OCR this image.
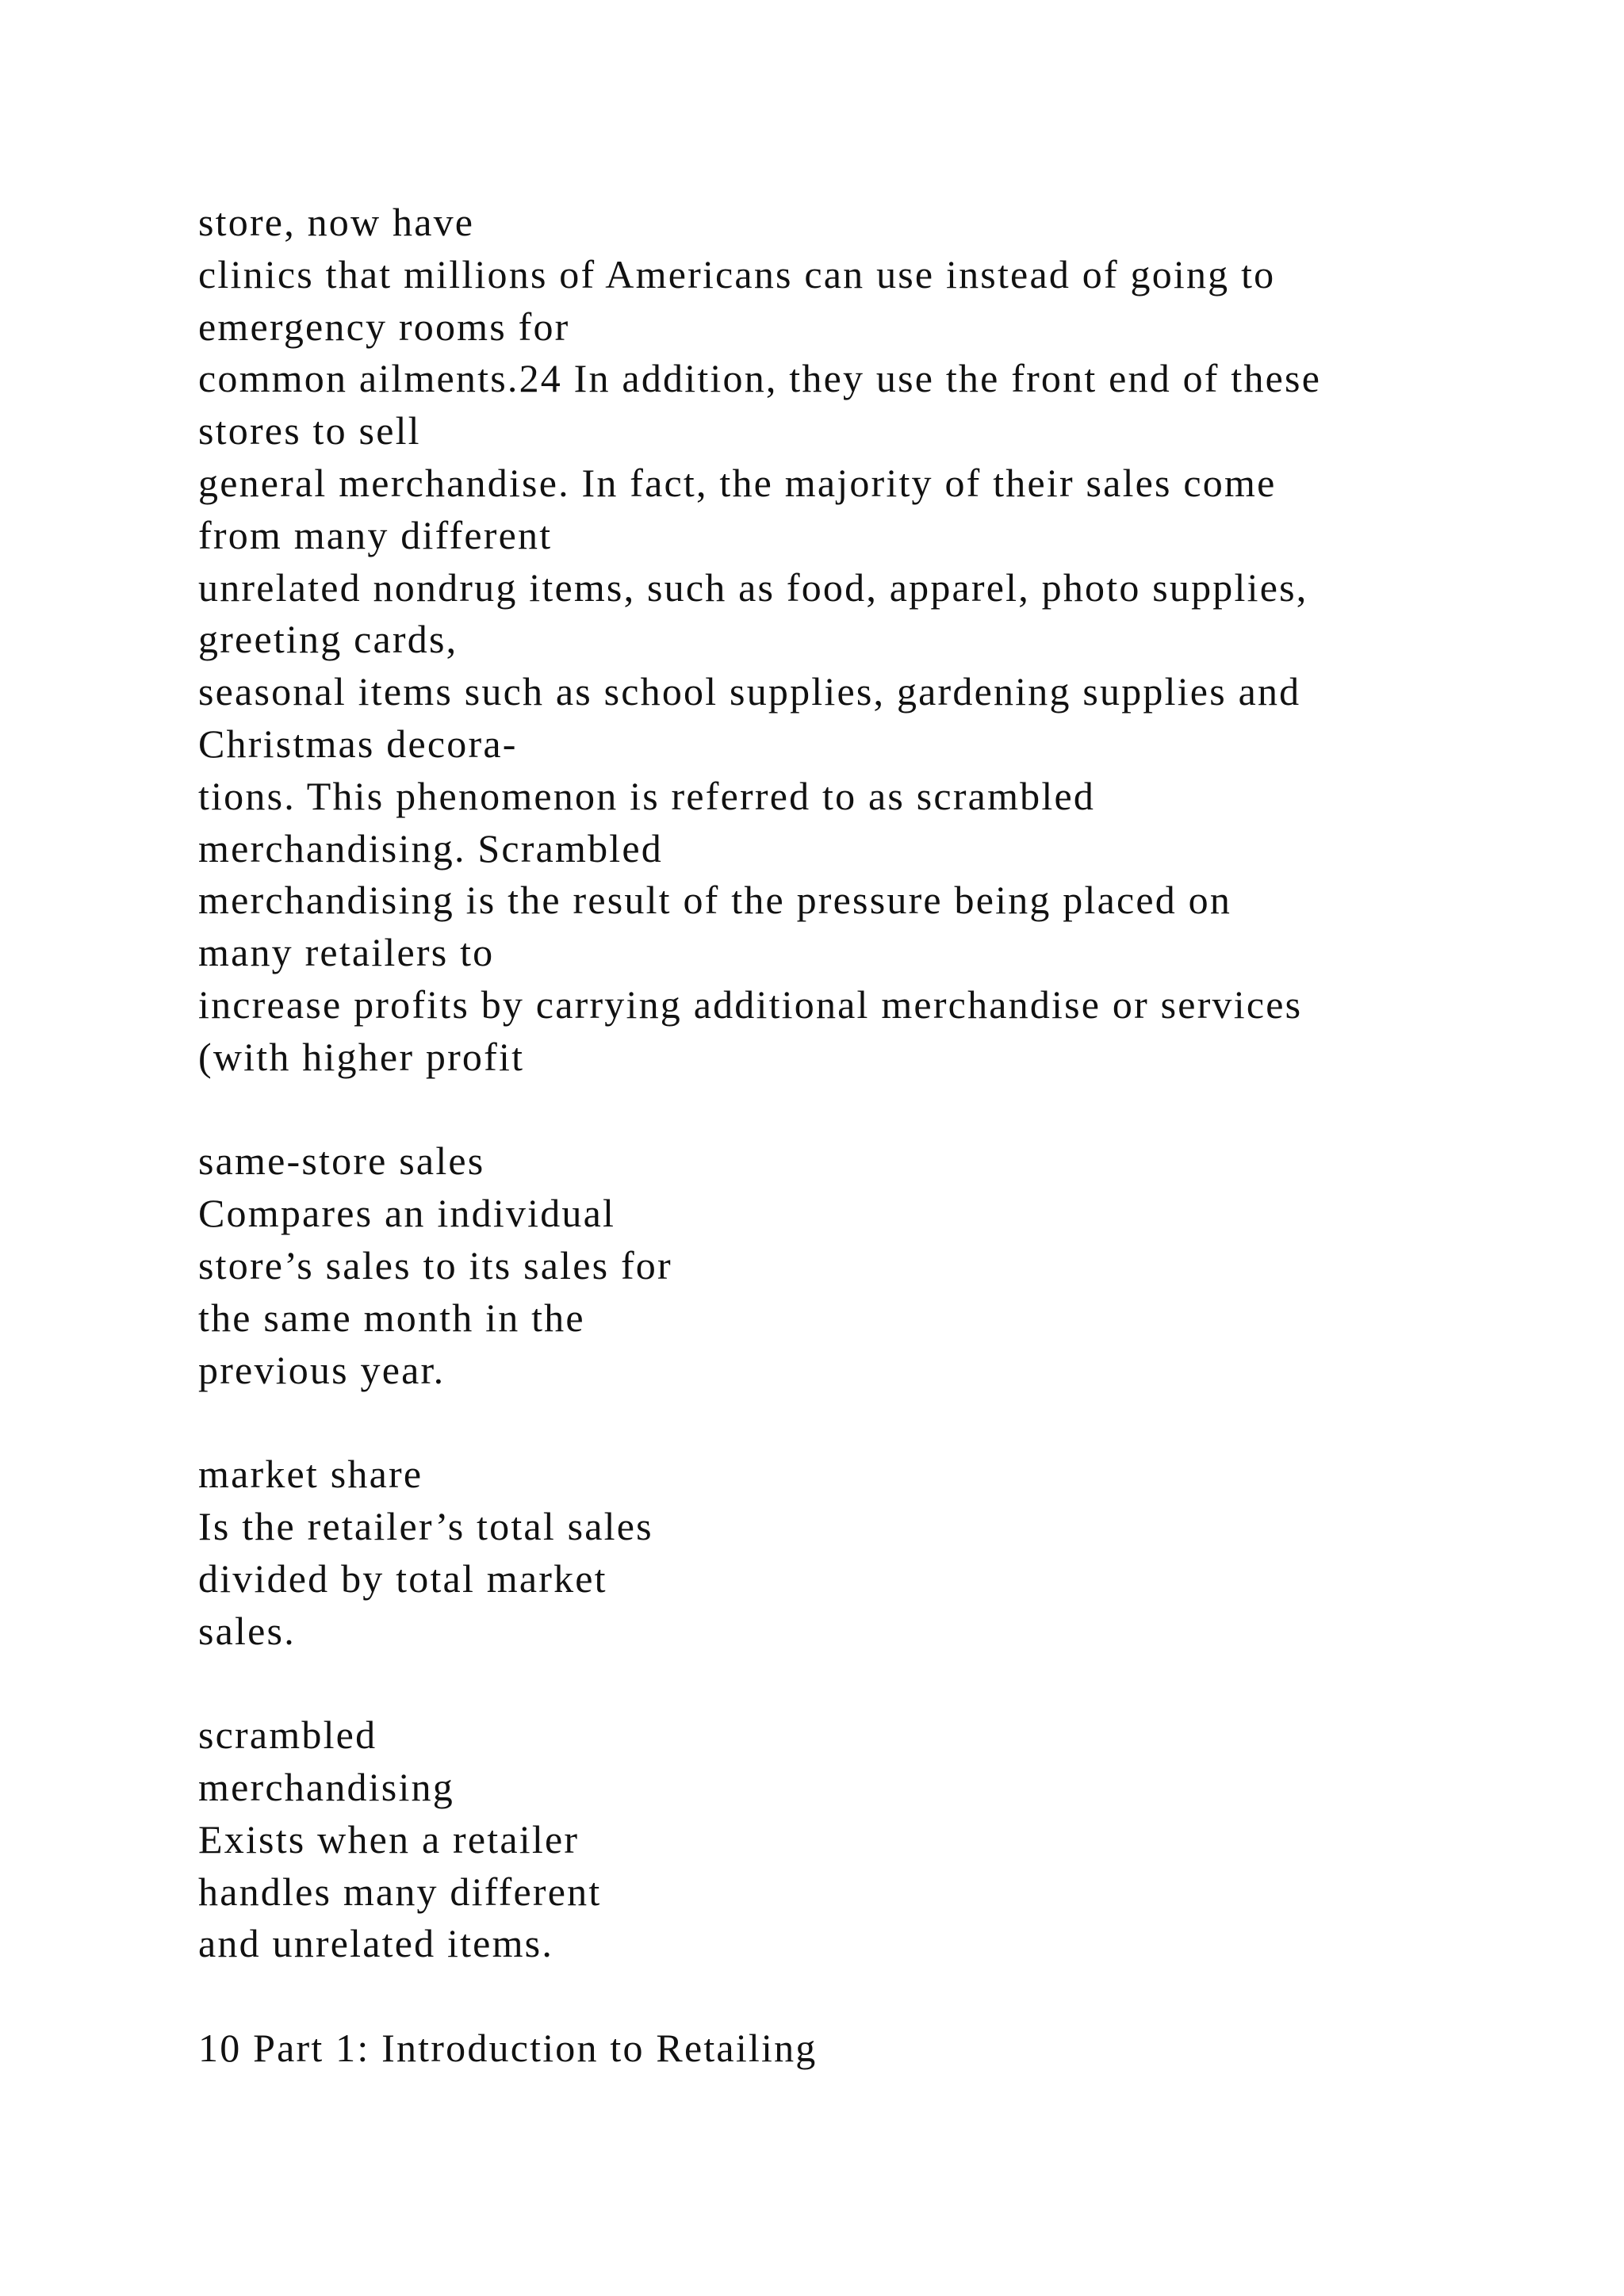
store, now have
clinics that millions of Americans can use instead of going to
emergency rooms for
common ailments.24 In addition, they use the front end of these
stores to sell
general merchandise. In fact, the majority of their sales come
from many different
unrelated nondrug items, such as food, apparel, photo supplies,
greeting cards,
seasonal items such as school supplies, gardening supplies and
Christmas decora-
tions. This phenomenon is referred to as scrambled
merchandising. Scrambled
merchandising is the result of the pressure being placed on
many retailers to
increase profits by carrying additional merchandise or services
(with higher profit
same-store sales
Compares an individual
store’s sales to its sales for
the same month in the
previous year.
market share
Is the retailer’s total sales
divided by total market
sales.
scrambled
merchandising
Exists when a retailer
handles many different
and unrelated items.
10 Part 1: Introduction to Retailing
